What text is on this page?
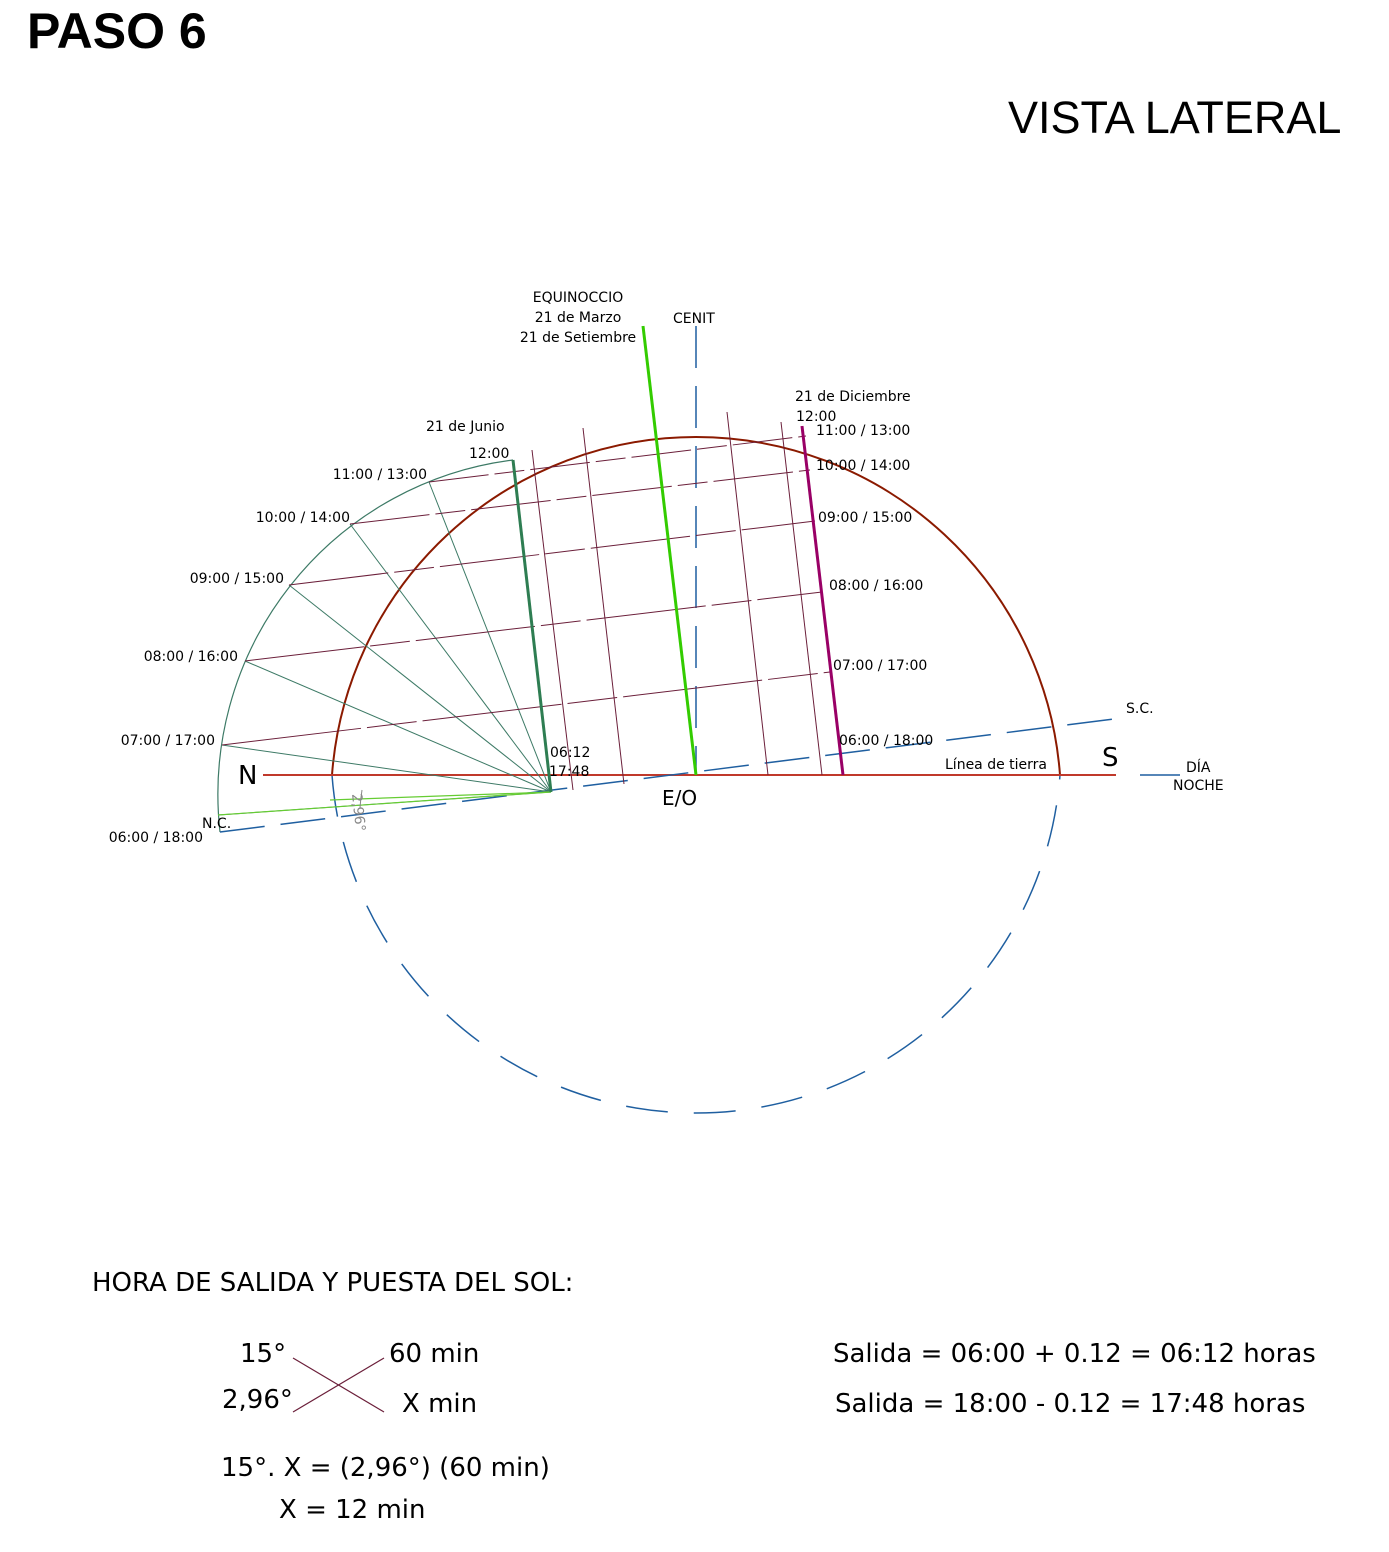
PASO 6
VISTA LATERAL
N
S
E/O
CENIT
N.C.
S.C.
Línea de tierra	DÍA
NOCHE
2,96°
EQUINOCCIO
21 de Marzo
21 de Setiembre
21 de Junio
12:00
06:12
17:48
21 de Diciembre
12:00
11:00 / 13:00
10:00 / 14:00
09:00 / 15:00
08:00 / 16:00
07:00 / 17:00
06:00 / 18:00
11:00 / 13:00
10:00 / 14:00
09:00 / 15:00
08:00 / 16:00
07:00 / 17:00
06:00 / 18:00
HORA DE SALIDA Y PUESTA DEL SOL:
15°	60 min
2,96°	X min
15°. X = (2,96°) (60 min)
X = 12 min
Salida = 06:00 + 0.12 = 06:12 horas
Salida = 18:00 - 0.12 = 17:48 horas
